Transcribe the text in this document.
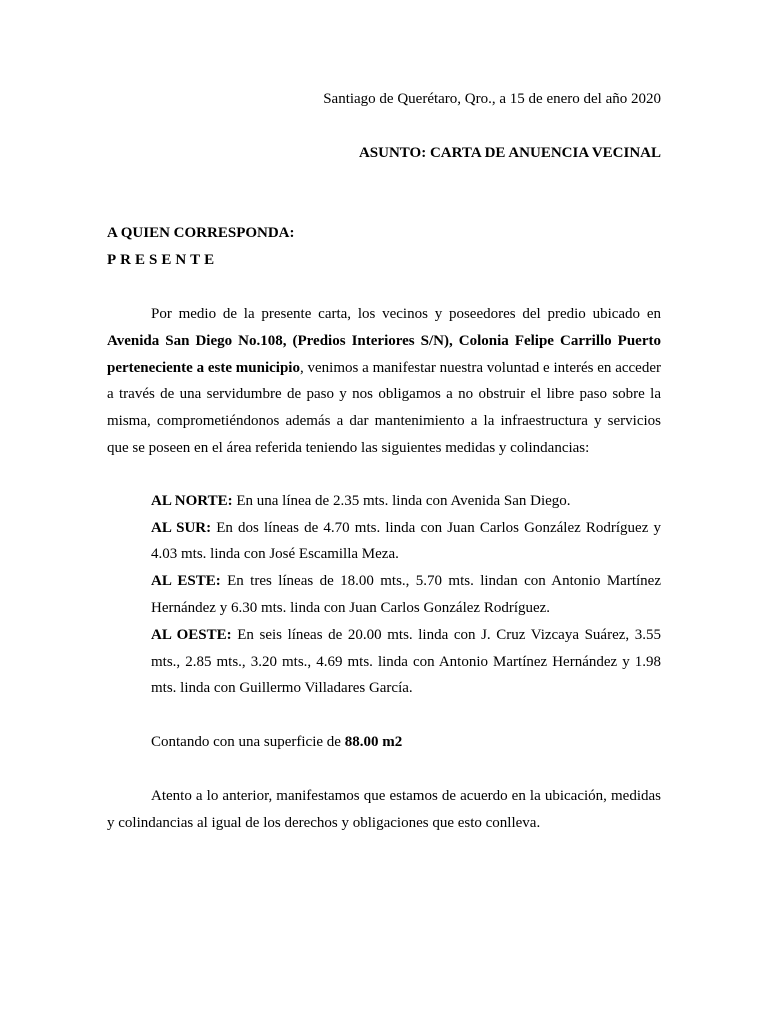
Santiago de Querétaro, Qro., a 15 de enero del año 2020

ASUNTO: CARTA DE ANUENCIA VECINAL

A QUIEN CORRESPONDA:

PRESENTE

Por medio de la presente carta, los vecinos y poseedores del predio ubicado en Avenida San Diego No.108, (Predios Interiores S/N), Colonia Felipe Carrillo Puerto perteneciente a este municipio, venimos a manifestar nuestra voluntad e interés en acceder a través de una servidumbre de paso y nos obligamos a no obstruir el libre paso sobre la misma, comprometiéndonos además a dar mantenimiento a la infraestructura y servicios que se poseen en el área referida teniendo las siguientes medidas y colindancias:

AL NORTE: En una línea de 2.35 mts. linda con Avenida San Diego.

AL SUR: En dos líneas de 4.70 mts. linda con Juan Carlos González Rodríguez y 4.03 mts. linda con José Escamilla Meza.

AL ESTE: En tres líneas de 18.00 mts., 5.70 mts. lindan con Antonio Martínez Hernández y 6.30 mts. linda con Juan Carlos González Rodríguez.

AL OESTE: En seis líneas de 20.00 mts. linda con J. Cruz Vizcaya Suárez, 3.55 mts., 2.85 mts., 3.20 mts., 4.69 mts. linda con Antonio Martínez Hernández y 1.98 mts. linda con Guillermo Villadares García.

Contando con una superficie de 88.00 m2

Atento a lo anterior, manifestamos que estamos de acuerdo en la ubicación, medidas y colindancias al igual de los derechos y obligaciones que esto conlleva.
